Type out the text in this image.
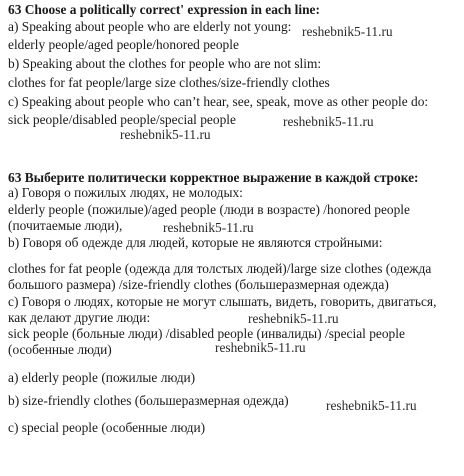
63 Choose a politically correct' expression in each line:
a) Speaking about people who are elderly not young:
elderly people/aged people/honored people
b) Speaking about the clothes for people who are not slim:
clothes for fat people/large size clothes/size-friendly clothes
c) Speaking about people who can’t hear, see, speak, move as other people do:
sick people/disabled people/special people
63 Выберите политически корректное выражение в каждой строке:
а) Говоря о пожилых людях, не молодых:
elderly people (пожилые)/aged people (люди в возрасте) /honored people
(почитаемые люди),
b) Говоря об одежде для людей, которые не являются стройными:
clothes for fat people (одежда для толстых людей)/large size clothes (одежда
большого размера) /size-friendly clothes (большеразмерная одежда)
с) Говоря о людях, которые не могут слышать, видеть, говорить, двигаться,
как делают другие люди:
sick people (больные люди) /disabled people (инвалиды) /special people
(особенные люди)
a) elderly people (пожилые люди)
b) size-friendly clothes (большеразмерная одежда)
c) special people (особенные люди)
reshebnik5-11.ru
reshebnik5-11.ru
reshebnik5-11.ru
reshebnik5-11.ru
reshebnik5-11.ru
reshebnik5-11.ru
reshebnik5-11.ru
